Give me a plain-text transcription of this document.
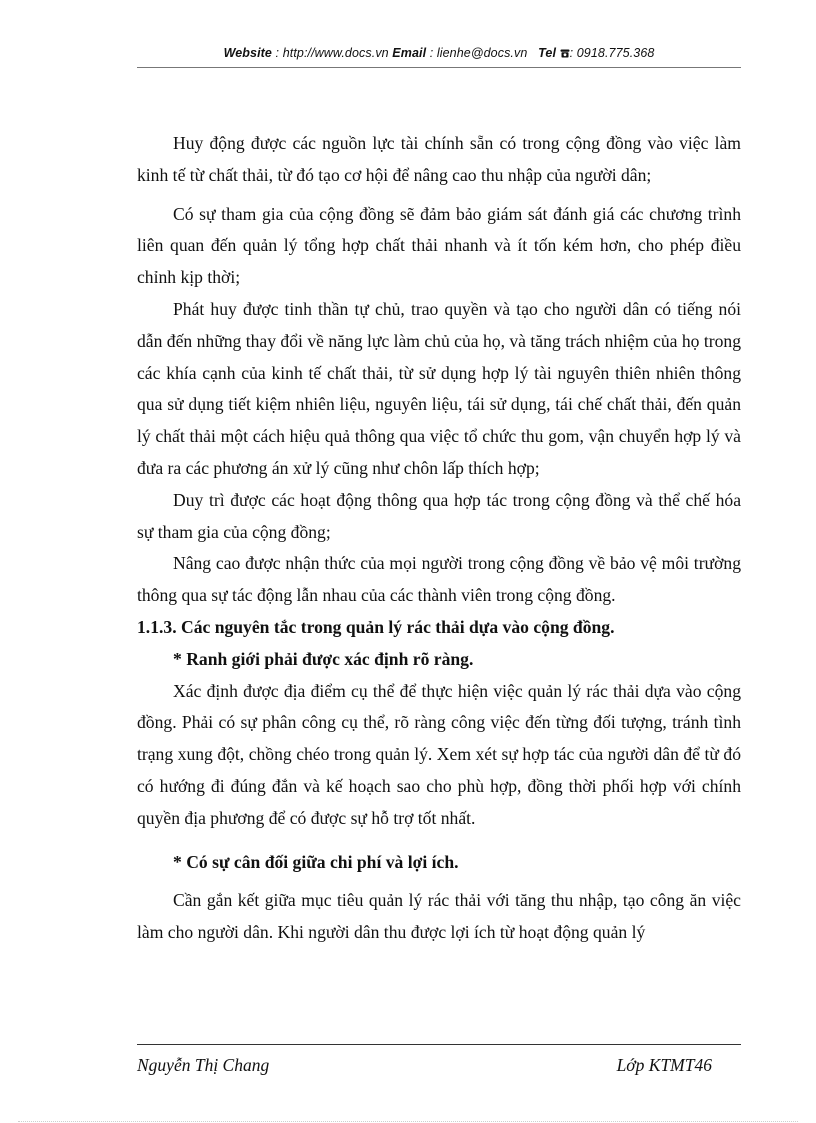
Website : http://www.docs.vn Email : lienhe@docs.vn Tel : 0918.775.368

Huy động được các nguồn lực tài chính sẵn có trong cộng đồng vào việc làm kinh tế từ chất thải, từ đó tạo cơ hội để nâng cao thu nhập của người dân;

Có sự tham gia của cộng đồng sẽ đảm bảo giám sát đánh giá các chương trình liên quan đến quản lý tổng hợp chất thải nhanh và ít tốn kém hơn, cho phép điều chỉnh kịp thời;

Phát huy được tinh thần tự chủ, trao quyền và tạo cho người dân có tiếng nói dẫn đến những thay đổi về năng lực làm chủ của họ, và tăng trách nhiệm của họ trong các khía cạnh của kinh tế chất thải, từ sử dụng hợp lý tài nguyên thiên nhiên thông qua sử dụng tiết kiệm nhiên liệu, nguyên liệu, tái sử dụng, tái chế chất thải, đến quản lý chất thải một cách hiệu quả thông qua việc tổ chức thu gom, vận chuyển hợp lý và đưa ra các phương án xử lý cũng như chôn lấp thích hợp;

Duy trì được các hoạt động thông qua hợp tác trong cộng đồng và thể chế hóa sự tham gia của cộng đồng;

Nâng cao được nhận thức của mọi người trong cộng đồng về bảo vệ môi trường thông qua sự tác động lẫn nhau của các thành viên trong cộng đồng.

1.1.3. Các nguyên tắc trong quản lý rác thải dựa vào cộng đồng.

* Ranh giới phải được xác định rõ ràng.

Xác định được địa điểm cụ thể để thực hiện việc quản lý rác thải dựa vào cộng đồng. Phải có sự phân công cụ thể, rõ ràng công việc đến từng đối tượng, tránh tình trạng xung đột, chồng chéo trong quản lý. Xem xét sự hợp tác của người dân để từ đó có hướng đi đúng đắn và kế hoạch sao cho phù hợp, đồng thời phối hợp với chính quyền địa phương để có được sự hỗ trợ tốt nhất.

* Có sự cân đối giữa chi phí và lợi ích.

Cần gắn kết giữa mục tiêu quản lý rác thải với tăng thu nhập, tạo công ăn việc làm cho người dân. Khi người dân thu được lợi ích từ hoạt động quản lý

Nguyễn Thị Chang	Lớp KTMT46
